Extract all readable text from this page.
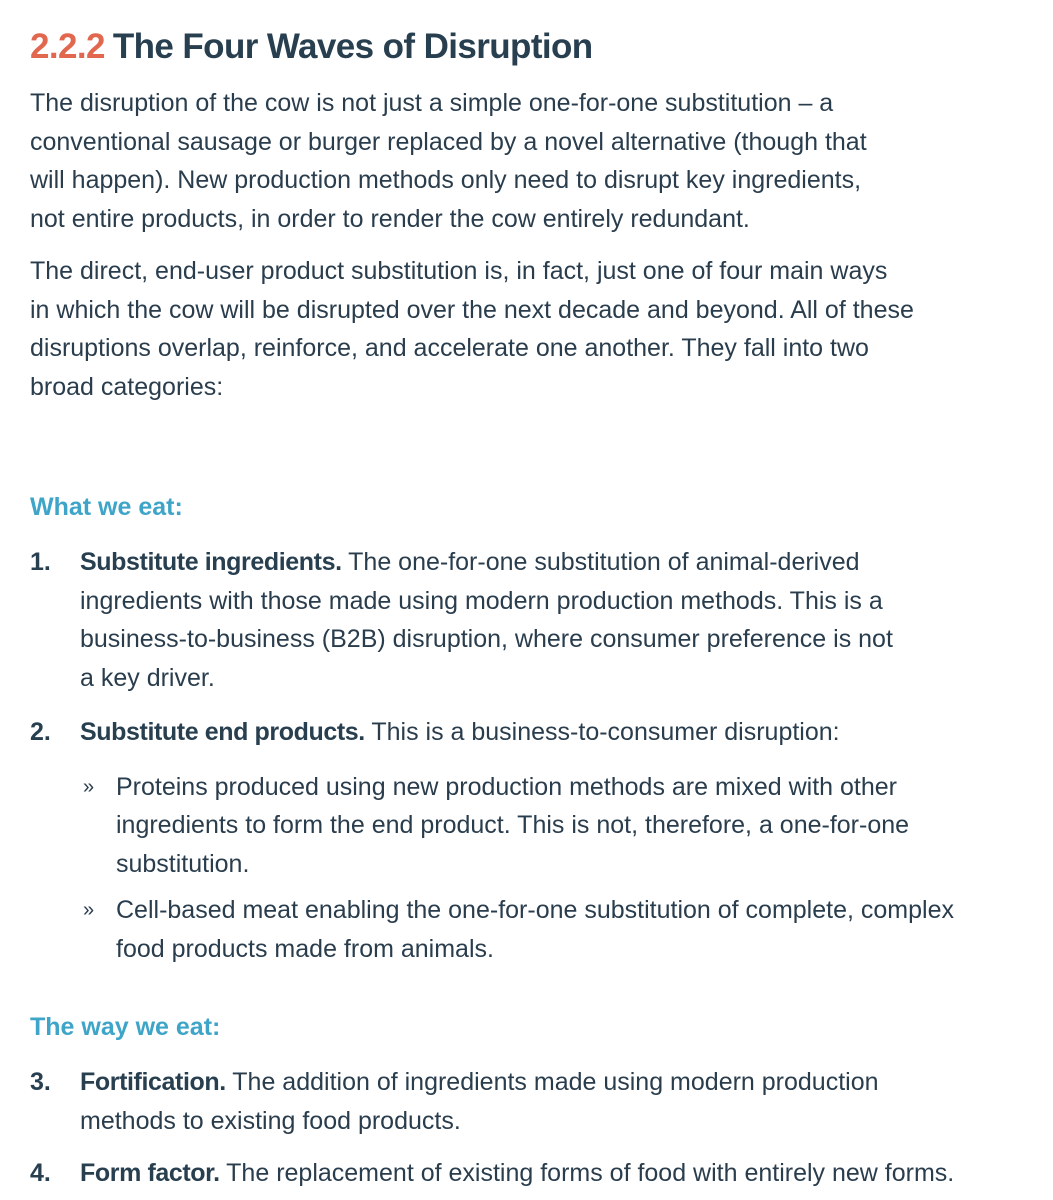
2.2.2 The Four Waves of Disruption

The disruption of the cow is not just a simple one-for-one substitution – a
conventional sausage or burger replaced by a novel alternative (though that
will happen). New production methods only need to disrupt key ingredients,
not entire products, in order to render the cow entirely redundant.

The direct, end-user product substitution is, in fact, just one of four main ways
in which the cow will be disrupted over the next decade and beyond. All of these
disruptions overlap, reinforce, and accelerate one another. They fall into two
broad categories:

What we eat:
1. Substitute ingredients. The one-for-one substitution of animal-derived
ingredients with those made using modern production methods. This is a
business-to-business (B2B) disruption, where consumer preference is not
a key driver.
2. Substitute end products. This is a business-to-consumer disruption:
» Proteins produced using new production methods are mixed with other
ingredients to form the end product. This is not, therefore, a one-for-one
substitution.
» Cell-based meat enabling the one-for-one substitution of complete, complex
food products made from animals.
The way we eat:
3. Fortification. The addition of ingredients made using modern production
methods to existing food products.
4. Form factor. The replacement of existing forms of food with entirely new forms.
